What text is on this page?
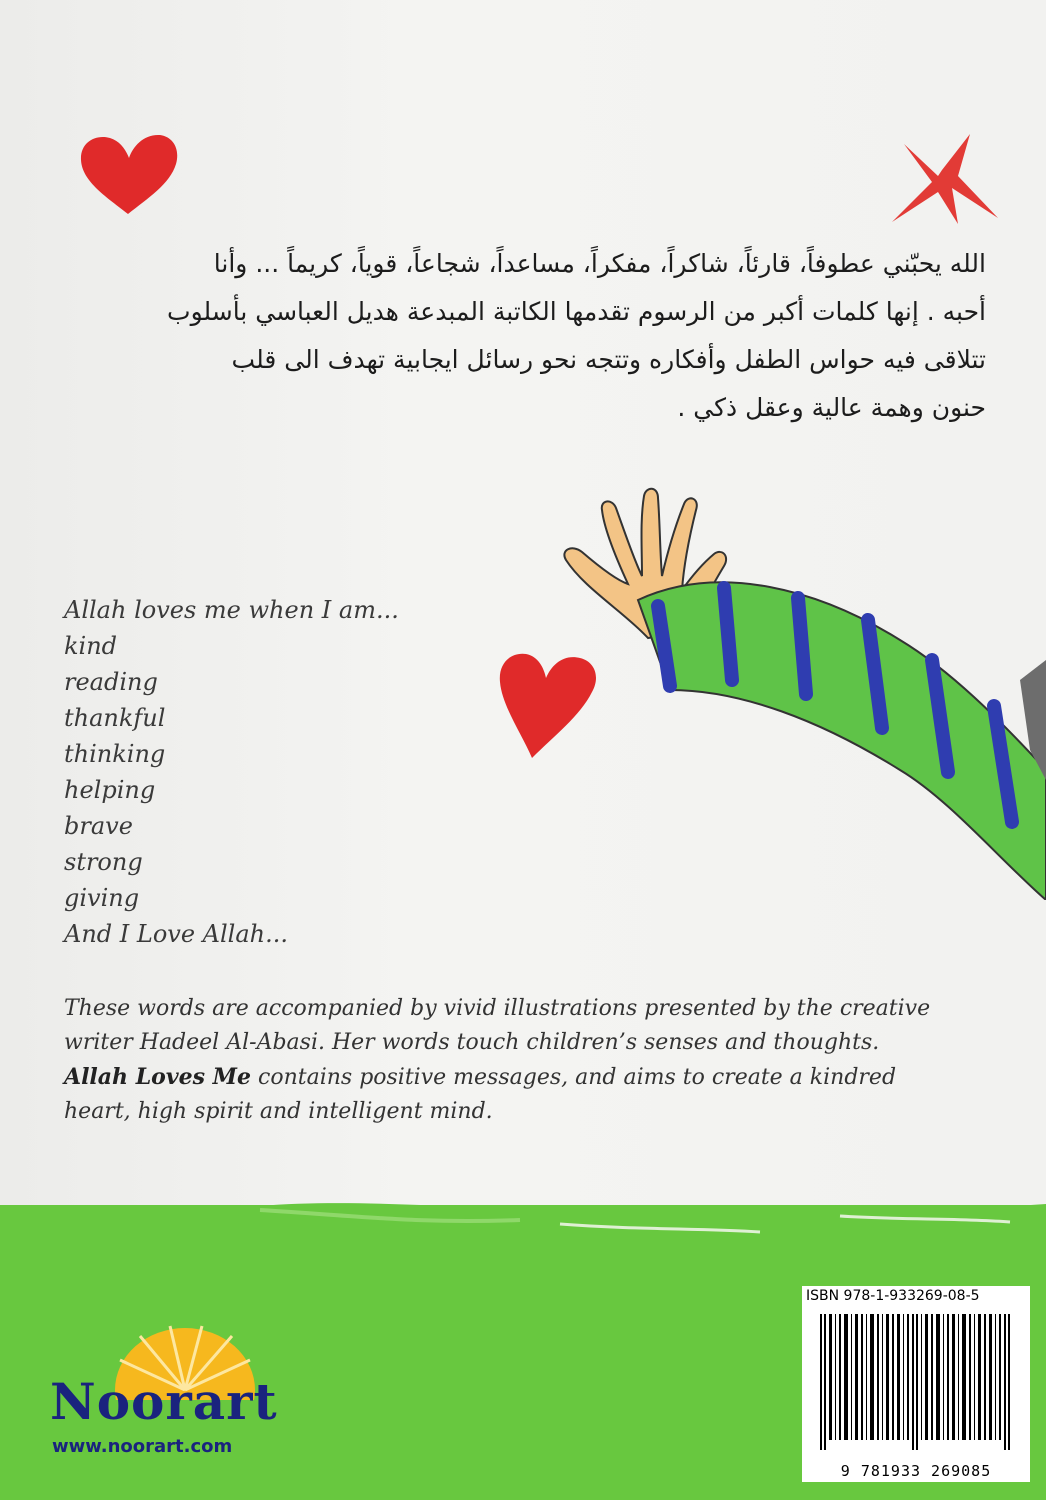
الله يحبّني عطوفاً، قارئاً، شاكراً، مفكراً، مساعداً، شجاعاً، قوياً، كريماً ... وأنا

أحبه . إنها كلمات أكبر من الرسوم تقدمها الكاتبة المبدعة هديل العباسي بأسلوب

تتلاقى فيه حواس الطفل وأفكاره وتتجه نحو رسائل ايجابية تهدف الى قلب

حنون وهمة عالية وعقل ذكي .

Allah loves me when I am...
kind
reading
thankful
thinking
helping
brave
strong
giving
And I Love Allah...
These words are accompanied by vivid illustrations presented by the creative
writer Hadeel Al-Abasi. Her words touch children’s senses and thoughts.
Allah Loves Me contains positive messages, and aims to create a kindred
heart, high spirit and intelligent mind.
Noorart
www.noorart.com
ISBN 978-1-933269-08-5
9 781933 269085
